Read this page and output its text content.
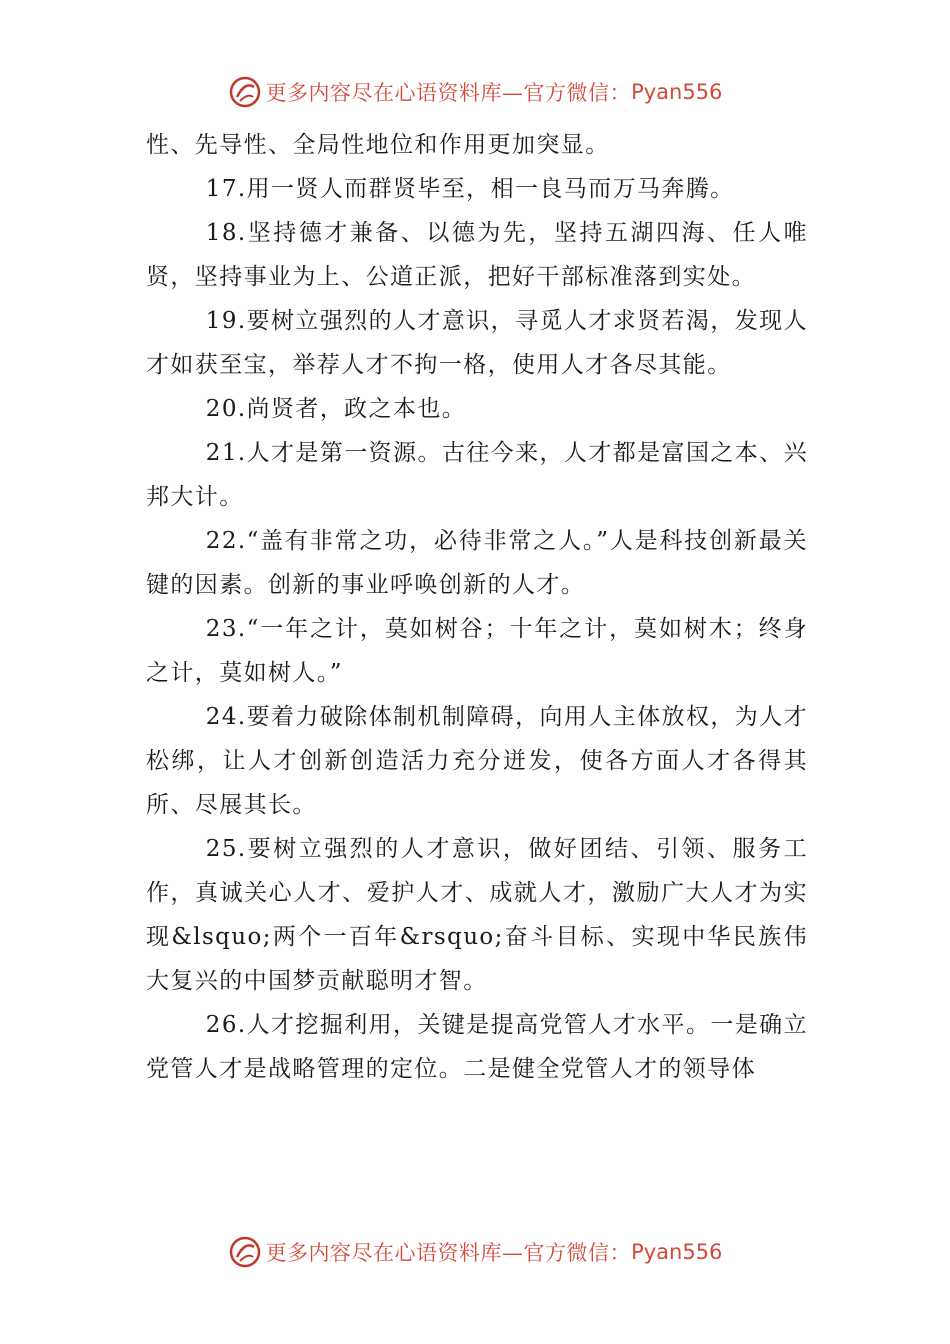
更多内容尽在心语资料库—官方微信： Pyan556

性、先导性、全局性地位和作用更加突显。

17.用一贤人而群贤毕至，相一良马而万马奔腾。

18.坚持德才兼备、以德为先，坚持五湖四海、任人唯贤，坚持事业为上、公道正派，把好干部标准落到实处。

19.要树立强烈的人才意识，寻觅人才求贤若渴，发现人才如获至宝，举荐人才不拘一格，使用人才各尽其能。

20.尚贤者，政之本也。

21.人才是第一资源。古往今来，人才都是富国之本、兴邦大计。

22.“盖有非常之功，必待非常之人。”人是科技创新最关键的因素。创新的事业呼唤创新的人才。

23.“一年之计，莫如树谷；十年之计，莫如树木；终身之计，莫如树人。”

24.要着力破除体制机制障碍，向用人主体放权，为人才松绑，让人才创新创造活力充分迸发，使各方面人才各得其所、尽展其长。

25.要树立强烈的人才意识，做好团结、引领、服务工作，真诚关心人才、爱护人才、成就人才，激励广大人才为实现&lsquo;两个一百年&rsquo;奋斗目标、实现中华民族伟大复兴的中国梦贡献聪明才智。

26.人才挖掘利用，关键是提高党管人才水平。一是确立党管人才是战略管理的定位。二是健全党管人才的领导体

更多内容尽在心语资料库—官方微信： Pyan556
